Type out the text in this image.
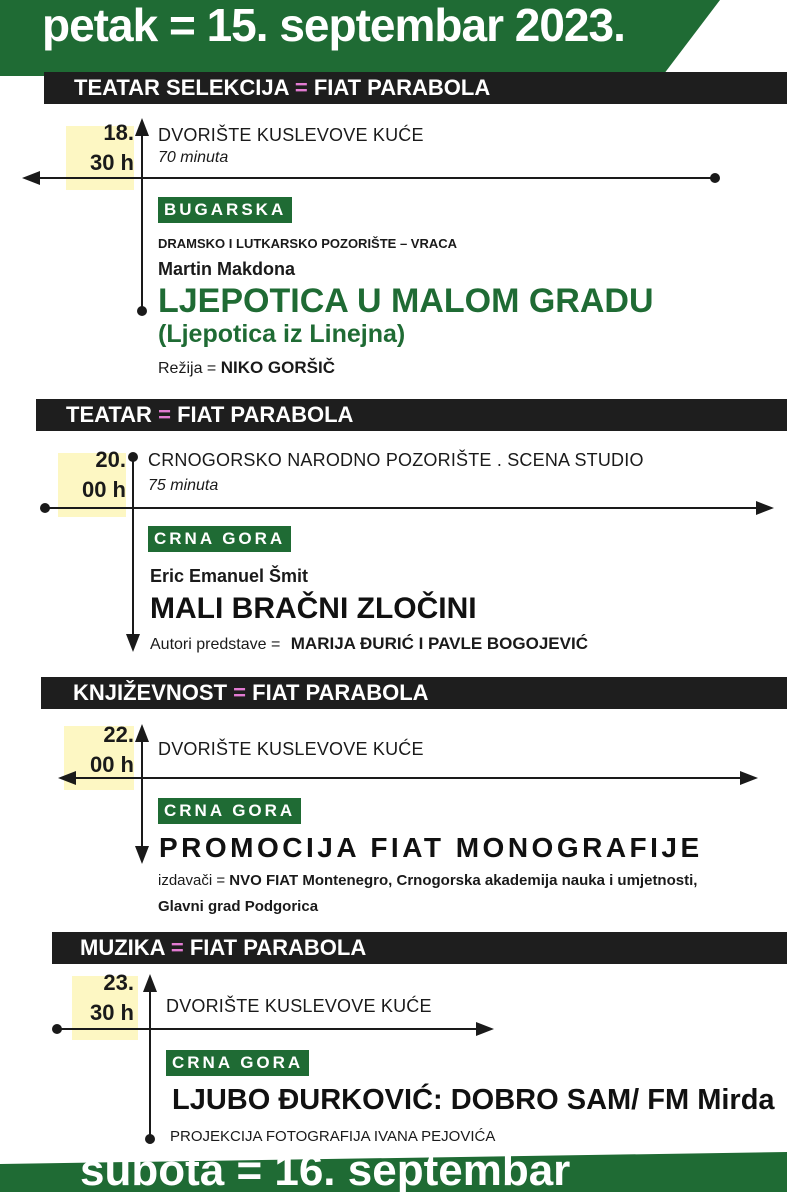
petak = 15. septembar 2023.
TEATAR SELEKCIJA = FIAT PARABOLA
18.
30 h
DVORIŠTE KUSLEVOVE KUĆE
70 minuta
BUGARSKA
DRAMSKO I LUTKARSKO POZORIŠTE – VRACA
Martin Makdona
LJEPOTICA U MALOM GRADU
(Ljepotica iz Linejna)
Režija = NIKO GORŠIČ
TEATAR = FIAT PARABOLA
20.
00 h
CRNOGORSKO NARODNO POZORIŠTE . SCENA STUDIO
75 minuta
CRNA GORA
Eric Emanuel Šmit
MALI BRAČNI ZLOČINI
Autori predstave = MARIJA ĐURIĆ I PAVLE BOGOJEVIĆ
KNJIŽEVNOST = FIAT PARABOLA
22.
00 h
DVORIŠTE KUSLEVOVE KUĆE
CRNA GORA
PROMOCIJA FIAT MONOGRAFIJE
izdavači = NVO FIAT Montenegro, Crnogorska akademija nauka i umjetnosti,
Glavni grad Podgorica
MUZIKA = FIAT PARABOLA
23.
30 h DVORIŠTE KUSLEVOVE KUĆE
CRNA GORA
LJUBO ĐURKOVIĆ: DOBRO SAM/ FM Mirda
PROJEKCIJA FOTOGRAFIJA IVANA PEJOVIĆA
subota = 16. septembar
